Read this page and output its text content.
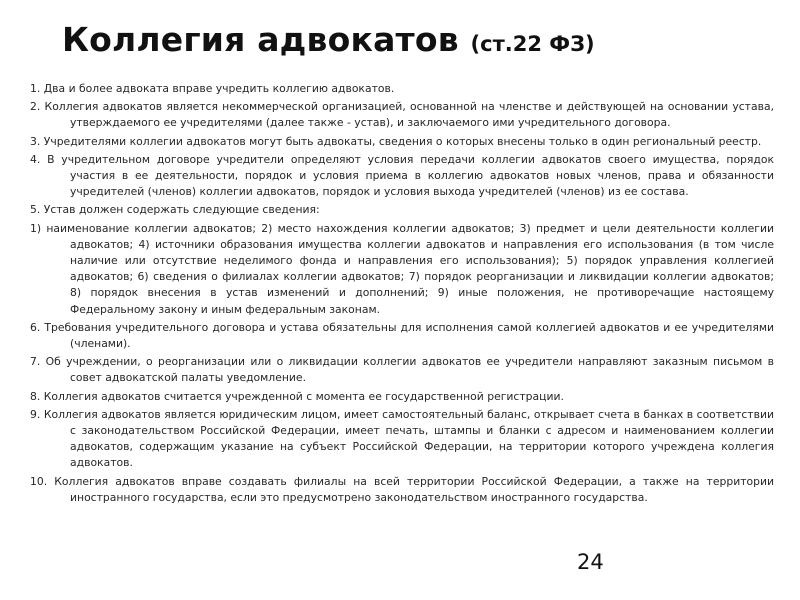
Коллегия адвокатов (ст.22 ФЗ)

1. Два и более адвоката вправе учредить коллегию адвокатов.

2. Коллегия адвокатов является некоммерческой организацией, основанной на членстве и действующей на основании устава, утверждаемого ее учредителями (далее также - устав), и заключаемого ими учредительного договора.

3. Учредителями коллегии адвокатов могут быть адвокаты, сведения о которых внесены только в один региональный реестр.

4. В учредительном договоре учредители определяют условия передачи коллегии адвокатов своего имущества, порядок участия в ее деятельности, порядок и условия приема в коллегию адвокатов новых членов, права и обязанности учредителей (членов) коллегии адвокатов, порядок и условия выхода учредителей (членов) из ее состава.

5. Устав должен содержать следующие сведения:

1) наименование коллегии адвокатов; 2) место нахождения коллегии адвокатов; 3) предмет и цели деятельности коллегии адвокатов; 4) источники образования имущества коллегии адвокатов и направления его использования (в том числе наличие или отсутствие неделимого фонда и направления его использования); 5) порядок управления коллегией адвокатов; 6) сведения о филиалах коллегии адвокатов; 7) порядок реорганизации и ликвидации коллегии адвокатов; 8) порядок внесения в устав изменений и дополнений; 9) иные положения, не противоречащие настоящему Федеральному закону и иным федеральным законам.

6. Требования учредительного договора и устава обязательны для исполнения самой коллегией адвокатов и ее учредителями (членами).

7. Об учреждении, о реорганизации или о ликвидации коллегии адвокатов ее учредители направляют заказным письмом в совет адвокатской палаты уведомление.

8. Коллегия адвокатов считается учрежденной с момента ее государственной регистрации.

9. Коллегия адвокатов является юридическим лицом, имеет самостоятельный баланс, открывает счета в банках в соответствии с законодательством Российской Федерации, имеет печать, штампы и бланки с адресом и наименованием коллегии адвокатов, содержащим указание на субъект Российской Федерации, на территории которого учреждена коллегия адвокатов.

10. Коллегия адвокатов вправе создавать филиалы на всей территории Российской Федерации, а также на территории иностранного государства, если это предусмотрено законодательством иностранного государства.

24
